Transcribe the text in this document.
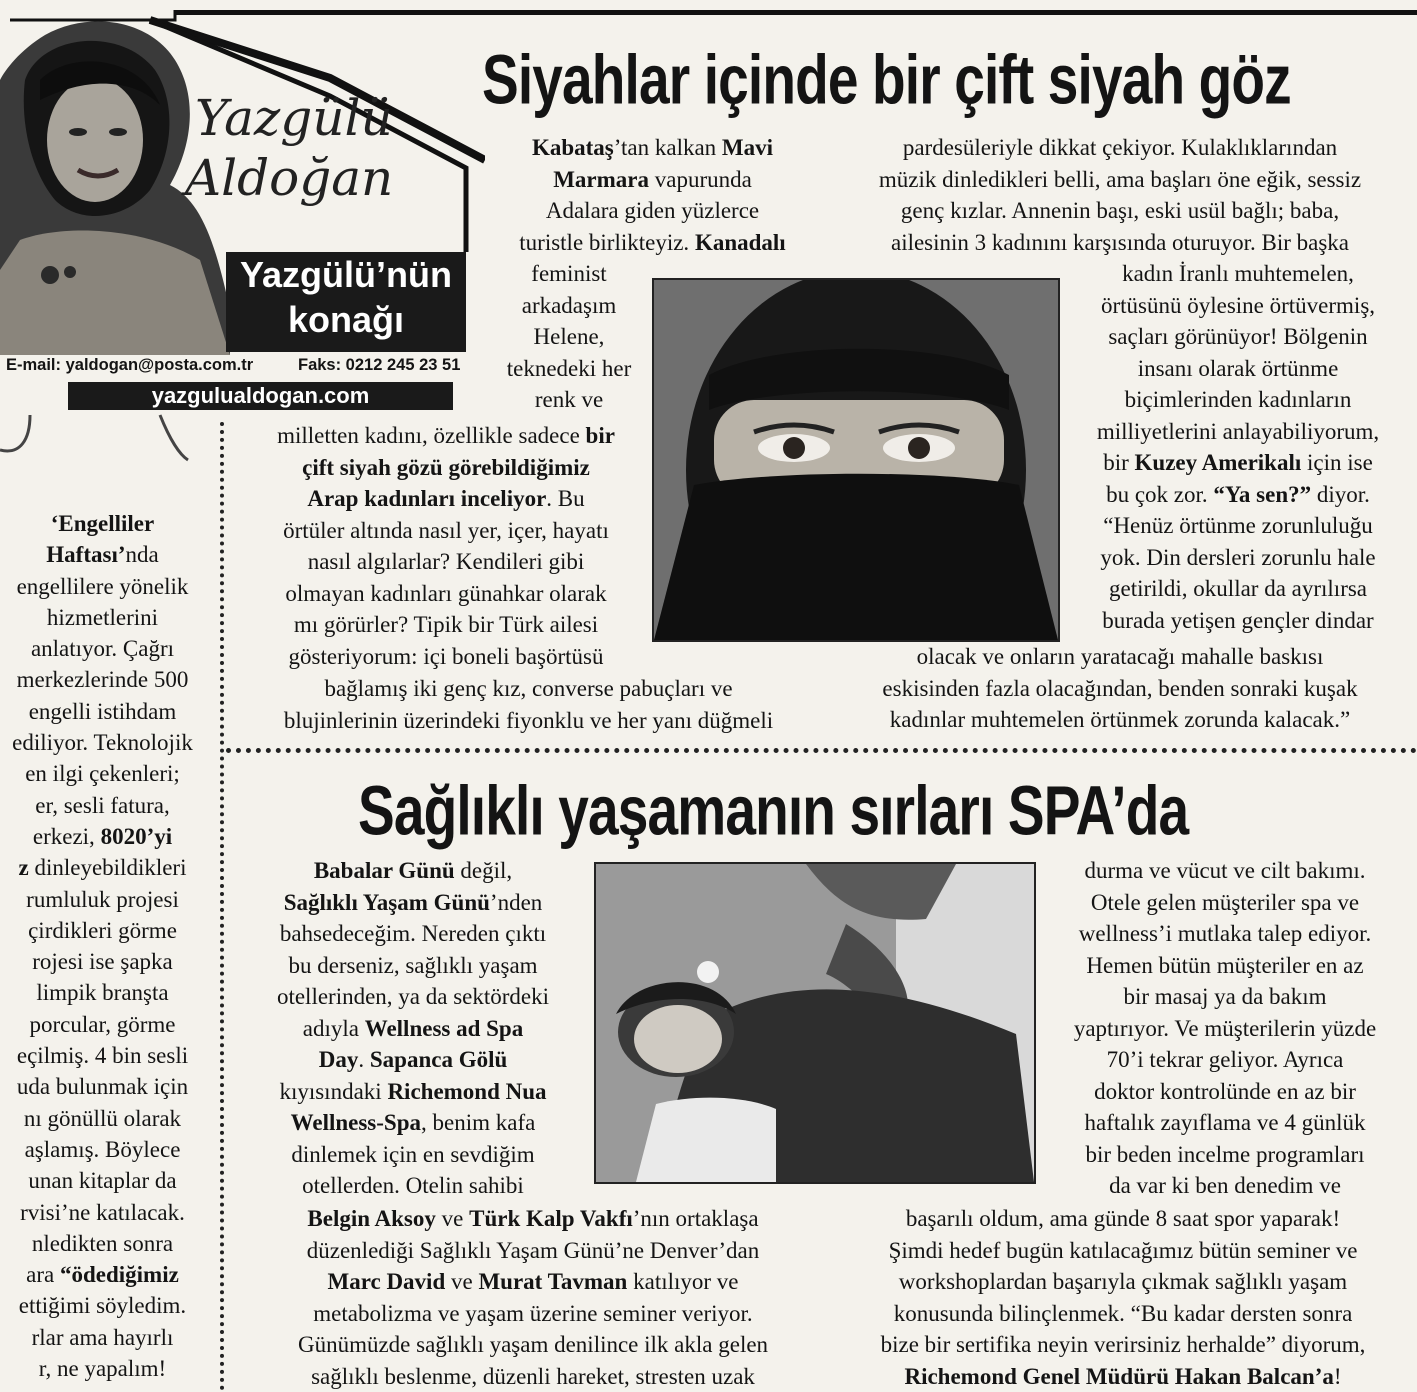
Yazgülü
Aldoğan
Yazgülü’nün
konağı
E-mail: yaldogan@posta.com.tr	Faks: 0212 245 23 51
yazgulualdogan.com
‘Engelliler
Haftası’nda
engellilere yönelik
hizmetlerini
anlatıyor. Çağrı
merkezlerinde 500
engelli istihdam
ediliyor. Teknolojik
en ilgi çekenleri;
er, sesli fatura,
erkezi, 8020’yi
z dinleyebildikleri
rumluluk projesi
çirdikleri görme
rojesi ise şapka
limpik branşta
porcular, görme
eçilmiş. 4 bin sesli
uda bulunmak için
nı gönüllü olarak
aşlamış. Böylece
unan kitaplar da
rvisi’ne katılacak.
nledikten sonra
ara “ödediğimiz
ettiğimi söyledim.
rlar ama hayırlı
r, ne yapalım!
Siyahlar içinde bir çift siyah göz
Kabataş’tan kalkan Mavi
Marmara vapurunda
Adalara giden yüzlerce
turistle birlikteyiz. Kanadalı
feminist
arkadaşım
Helene,
teknedeki her
renk ve
milletten kadını, özellikle sadece bir
çift siyah gözü görebildiğimiz
Arap kadınları inceliyor. Bu
örtüler altında nasıl yer, içer, hayatı
nasıl algılarlar? Kendileri gibi
olmayan kadınları günahkar olarak
mı görürler? Tipik bir Türk ailesi
gösteriyorum: içi boneli başörtüsü
bağlamış iki genç kız, converse pabuçları ve
blujinlerinin üzerindeki fiyonklu ve her yanı düğmeli
pardesüleriyle dikkat çekiyor. Kulaklıklarından
müzik dinledikleri belli, ama başları öne eğik, sessiz
genç kızlar. Annenin başı, eski usül bağlı; baba,
ailesinin 3 kadınını karşısında oturuyor. Bir başka
kadın İranlı muhtemelen,
örtüsünü öylesine örtüvermiş,
saçları görünüyor! Bölgenin
insanı olarak örtünme
biçimlerinden kadınların
milliyetlerini anlayabiliyorum,
bir Kuzey Amerikalı için ise
bu çok zor. “Ya sen?” diyor.
“Henüz örtünme zorunluluğu
yok. Din dersleri zorunlu hale
getirildi, okullar da ayrılırsa
burada yetişen gençler dindar
olacak ve onların yaratacağı mahalle baskısı
eskisinden fazla olacağından, benden sonraki kuşak
kadınlar muhtemelen örtünmek zorunda kalacak.”
Sağlıklı yaşamanın sırları SPA’da
Babalar Günü değil,
Sağlıklı Yaşam Günü’nden
bahsedeceğim. Nereden çıktı
bu derseniz, sağlıklı yaşam
otellerinden, ya da sektördeki
adıyla Wellness ad Spa
Day. Sapanca Gölü
kıyısındaki Richemond Nua
Wellness-Spa, benim kafa
dinlemek için en sevdiğim
otellerden. Otelin sahibi
Belgin Aksoy ve Türk Kalp Vakfı’nın ortaklaşa
düzenlediği Sağlıklı Yaşam Günü’ne Denver’dan
Marc David ve Murat Tavman katılıyor ve
metabolizma ve yaşam üzerine seminer veriyor.
Günümüzde sağlıklı yaşam denilince ilk akla gelen
sağlıklı beslenme, düzenli hareket, stresten uzak
durma ve vücut ve cilt bakımı.
Otele gelen müşteriler spa ve
wellness’i mutlaka talep ediyor.
Hemen bütün müşteriler en az
bir masaj ya da bakım
yaptırıyor. Ve müşterilerin yüzde
70’i tekrar geliyor. Ayrıca
doktor kontrolünde en az bir
haftalık zayıflama ve 4 günlük
bir beden incelme programları
da var ki ben denedim ve
başarılı oldum, ama günde 8 saat spor yaparak!
Şimdi hedef bugün katılacağımız bütün seminer ve
workshoplardan başarıyla çıkmak sağlıklı yaşam
konusunda bilinçlenmek. “Bu kadar dersten sonra
bize bir sertifika neyin verirsiniz herhalde” diyorum,
Richemond Genel Müdürü Hakan Balcan’a!
